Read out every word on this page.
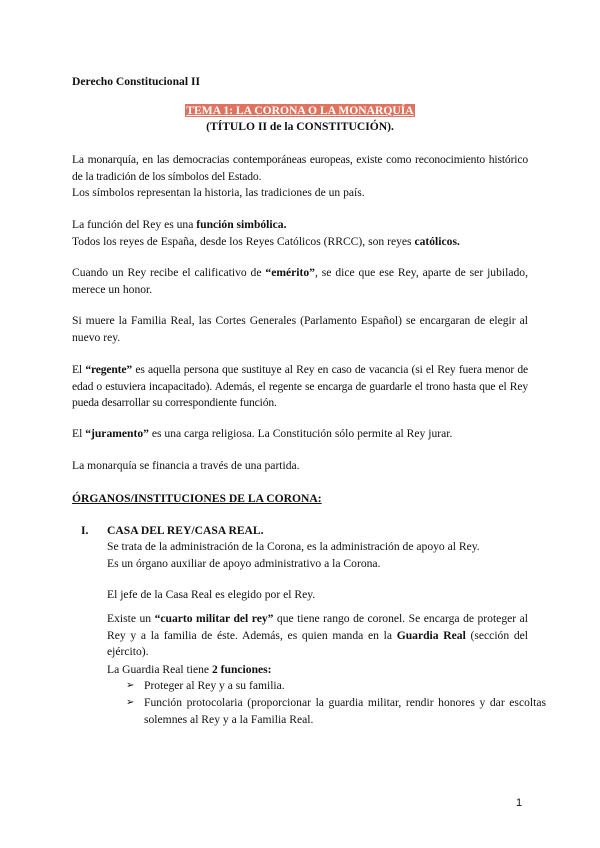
Derecho Constitucional II

TEMA 1: LA CORONA O LA MONARQUÍA
(TÍTULO II de la CONSTITUCIÓN).

La monarquía, en las democracias contemporáneas europeas, existe como reconocimiento histórico de la tradición de los símbolos del Estado.

Los símbolos representan la historia, las tradiciones de un país.

La función del Rey es una función simbólica.
Todos los reyes de España, desde los Reyes Católicos (RRCC), son reyes católicos.

Cuando un Rey recibe el calificativo de “emérito”, se dice que ese Rey, aparte de ser jubilado, merece un honor.

Si muere la Familia Real, las Cortes Generales (Parlamento Español) se encargaran de elegir al nuevo rey.

El “regente” es aquella persona que sustituye al Rey en caso de vacancia (si el Rey fuera menor de edad o estuviera incapacitado). Además, el regente se encarga de guardarle el trono hasta que el Rey pueda desarrollar su correspondiente función.

El “juramento” es una carga religiosa. La Constitución sólo permite al Rey jurar.

La monarquía se financia a través de una partida.

ÓRGANOS/INSTITUCIONES DE LA CORONA:

I. CASA DEL REY/CASA REAL.

Se trata de la administración de la Corona, es la administración de apoyo al Rey.
Es un órgano auxiliar de apoyo administrativo a la Corona.

El jefe de la Casa Real es elegido por el Rey.

Existe un “cuarto militar del rey” que tiene rango de coronel. Se encarga de proteger al Rey y a la familia de éste. Además, es quien manda en la Guardia Real (sección del ejército).

La Guardia Real tiene 2 funciones:

➢ Proteger al Rey y a su familia.

➢ Función protocolaria (proporcionar la guardia militar, rendir honores y dar escoltas solemnes al Rey y a la Familia Real.

1
